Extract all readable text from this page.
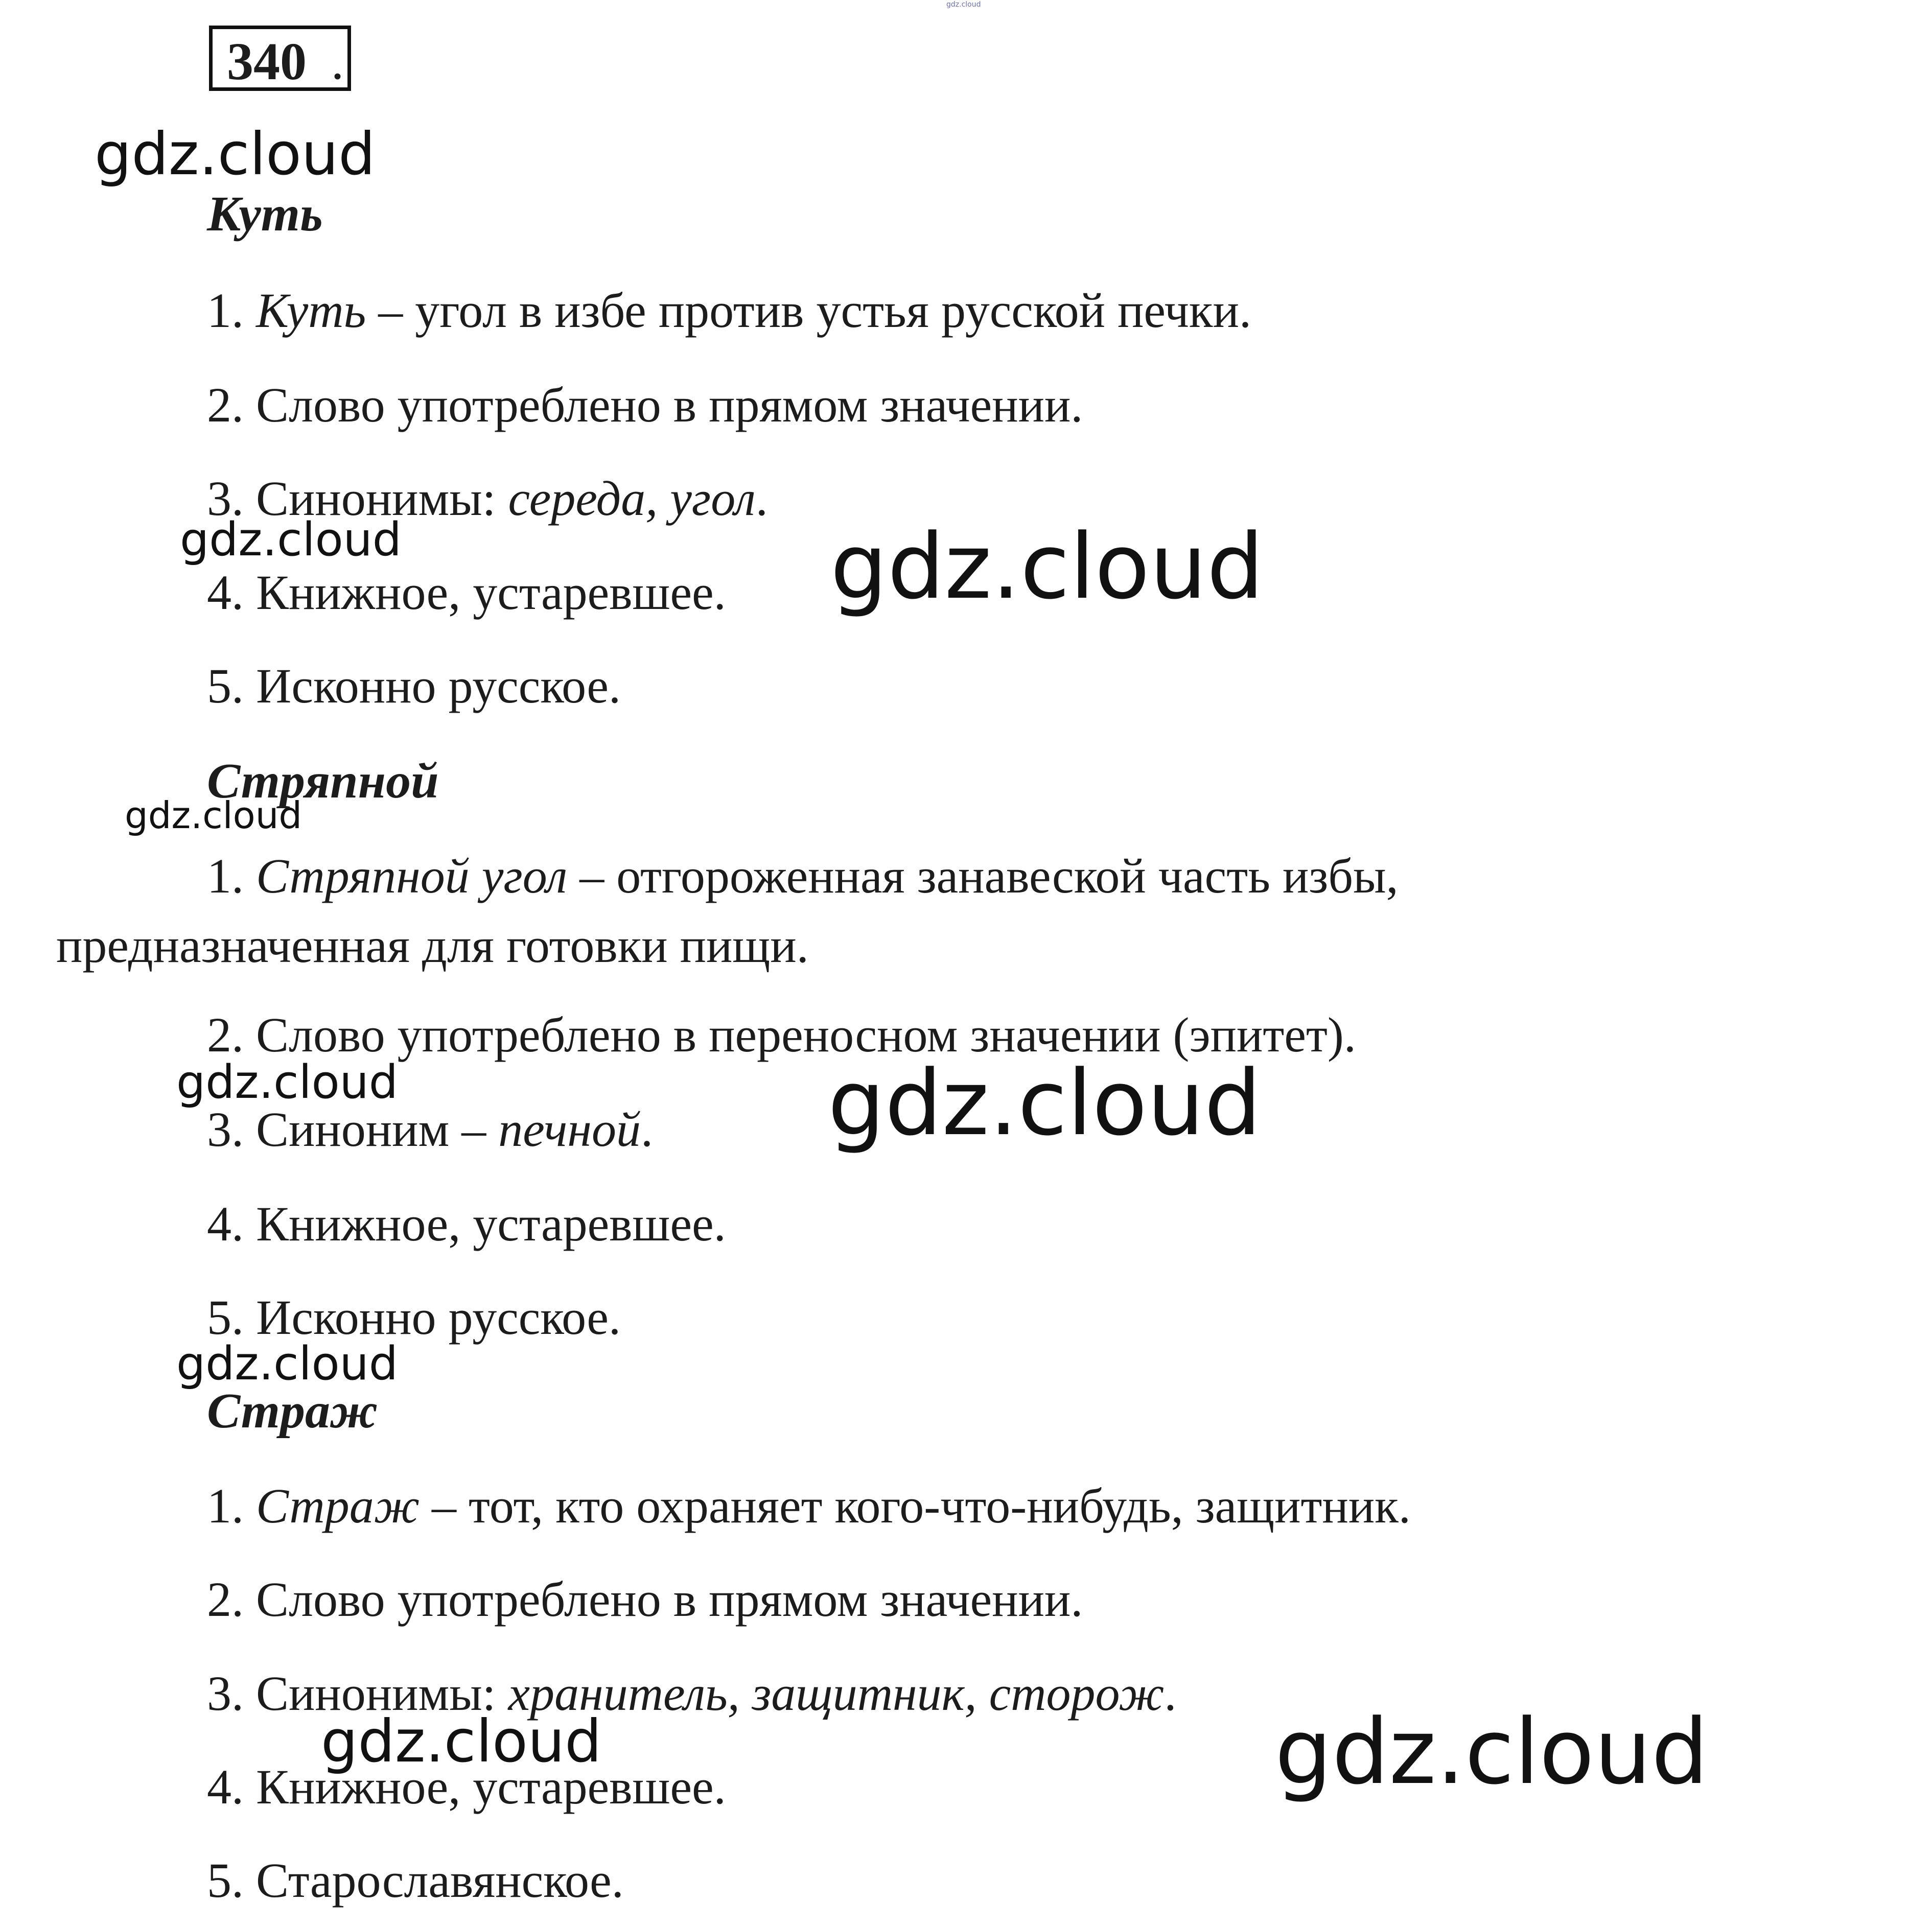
gdz.cloud
340 .
Куть
1. Куть – угол в избе против устья русской печки.
2. Слово употреблено в прямом значении.
3. Синонимы: середа, угол.
4. Книжное, устаревшее.
5. Исконно русское.
Стряпной
1. Стряпной угол – отгороженная занавеской часть избы,
предназначенная для готовки пищи.
2. Слово употреблено в переносном значении (эпитет).
3. Синоним – печной.
4. Книжное, устаревшее.
5. Исконно русское.
Страж
1. Страж – тот, кто охраняет кого-что-нибудь, защитник.
2. Слово употреблено в прямом значении.
3. Синонимы: хранитель, защитник, сторож.
4. Книжное, устаревшее.
5. Старославянское.
gdz.cloud
gdz.cloud	gdz.cloud
gdz.cloud
gdz.cloud	gdz.cloud
gdz.cloud
gdz.cloud	gdz.cloud
